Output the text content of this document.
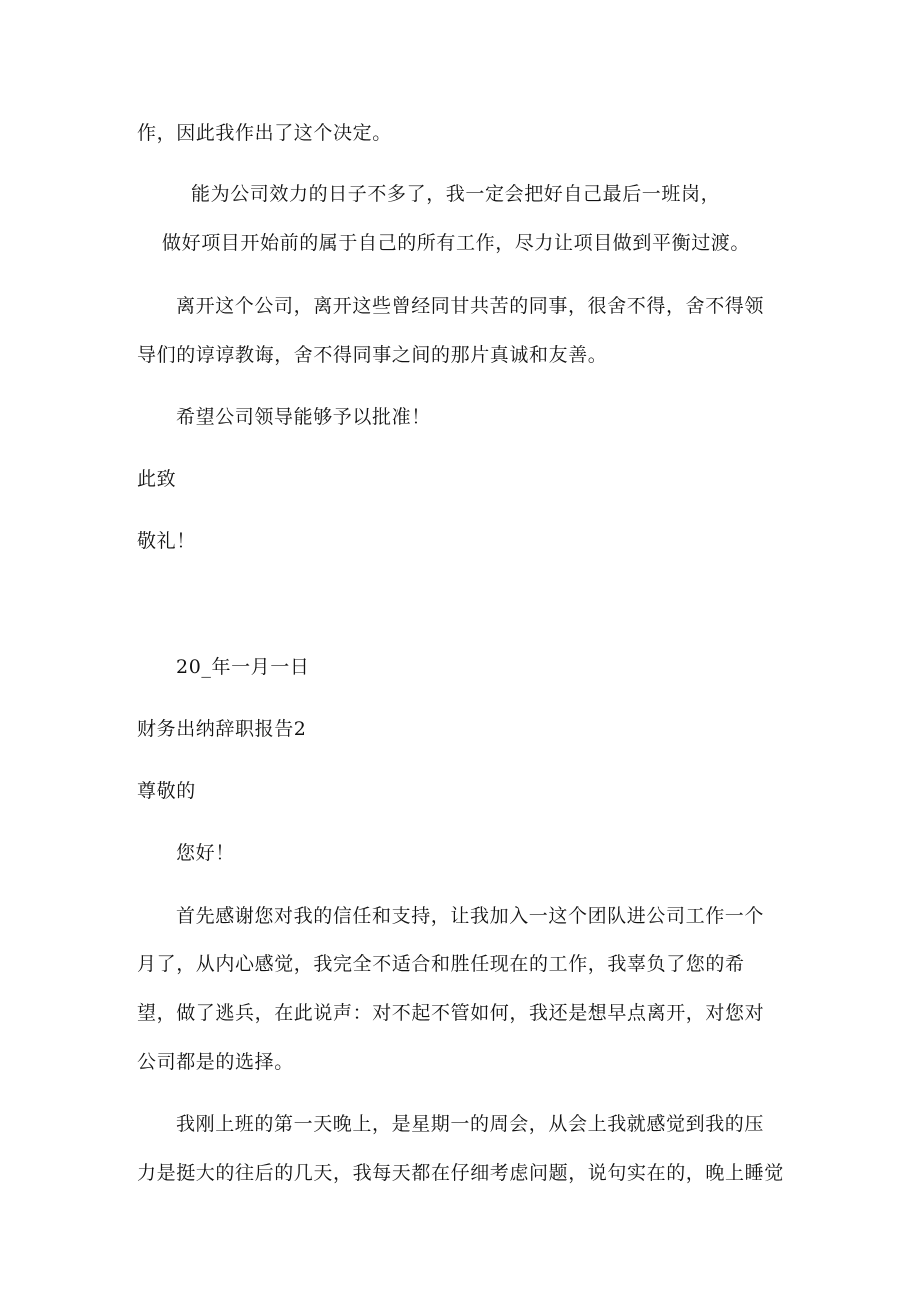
作，因此我作出了这个决定。
能为公司效力的日子不多了，我一定会把好自己最后一班岗，
做好项目开始前的属于自己的所有工作，尽力让项目做到平衡过渡。
离开这个公司，离开这些曾经同甘共苦的同事，很舍不得，舍不得领
导们的谆谆教诲，舍不得同事之间的那片真诚和友善。
希望公司领导能够予以批准！
此致
敬礼！
20_年一月一日
财务出纳辞职报告2
尊敬的
您好！
首先感谢您对我的信任和支持，让我加入一这个团队进公司工作一个
月了，从内心感觉，我完全不适合和胜任现在的工作，我辜负了您的希
望，做了逃兵，在此说声：对不起不管如何，我还是想早点离开，对您对
公司都是的选择。
我刚上班的第一天晚上，是星期一的周会，从会上我就感觉到我的压
力是挺大的往后的几天，我每天都在仔细考虑问题，说句实在的，晚上睡觉
